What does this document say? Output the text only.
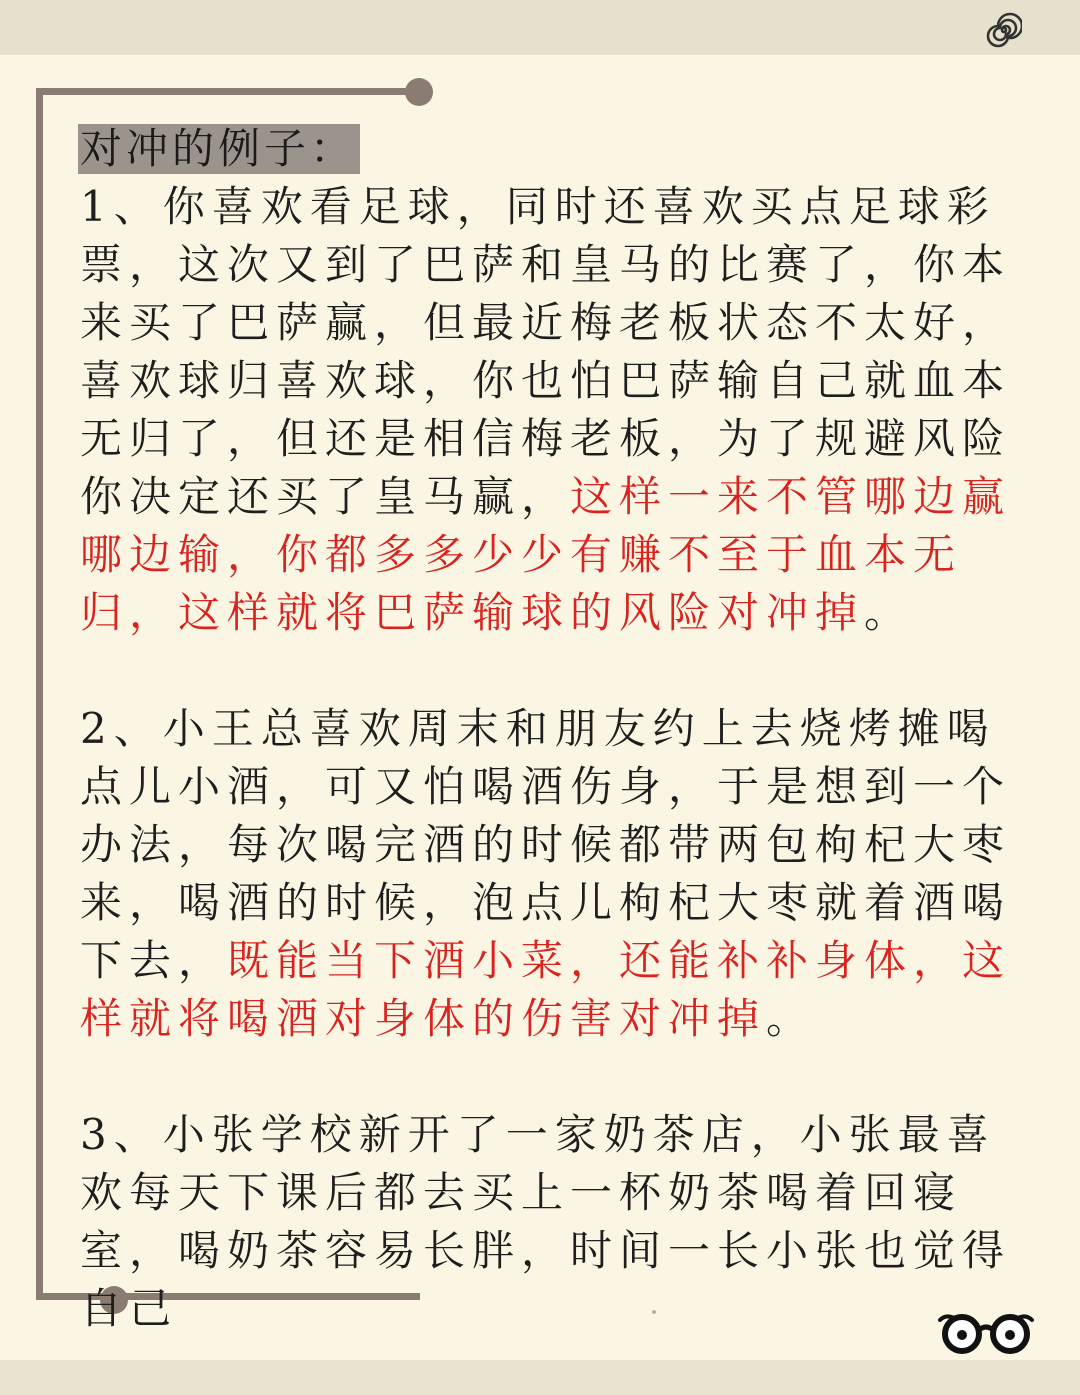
对冲的例子：

1、你喜欢看足球，同时还喜欢买点足球彩票，这次又到了巴萨和皇马的比赛了，你本来买了巴萨赢，但最近梅老板状态不太好，喜欢球归喜欢球，你也怕巴萨输自己就血本无归了，但还是相信梅老板，为了规避风险你决定还买了皇马赢，这样一来不管哪边赢哪边输，你都多多少少有赚不至于血本无归，这样就将巴萨输球的风险对冲掉。

2、小王总喜欢周末和朋友约上去烧烤摊喝点儿小酒，可又怕喝酒伤身，于是想到一个办法，每次喝完酒的时候都带两包枸杞大枣来，喝酒的时候，泡点儿枸杞大枣就着酒喝下去，既能当下酒小菜，还能补补身体，这样就将喝酒对身体的伤害对冲掉。

3、小张学校新开了一家奶茶店，小张最喜欢每天下课后都去买上一杯奶茶喝着回寝室，喝奶茶容易长胖，时间一长小张也觉得自己
